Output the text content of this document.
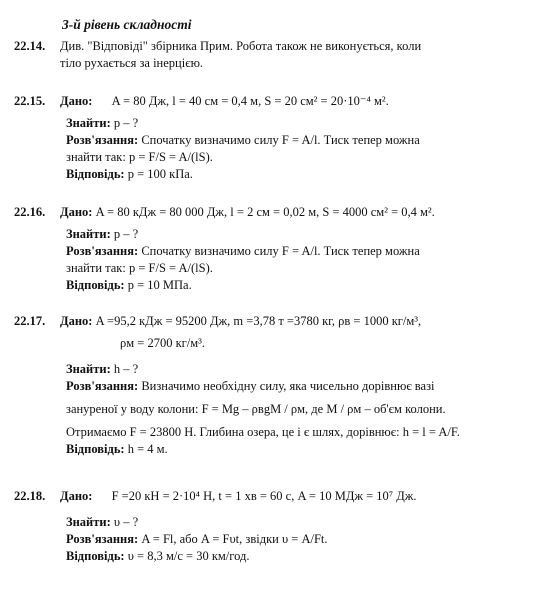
3-й рівень складності
22.14. Див. "Відповіді" збірника Прим. Робота також не виконується, коли
тіло рухається за інерцією.
22.15. Дано: A = 80 Дж, l = 40 см = 0,4 м, S = 20 см² = 20·10⁻⁴ м².
Знайти: p – ?
Розв'язання: Спочатку визначимо силу F = A/l. Тиск тепер можна
знайти так: p = F/S = A/(lS).
Відповідь: p = 100 кПа.
22.16. Дано: A = 80 кДж = 80 000 Дж, l = 2 см = 0,02 м, S = 4000 см² = 0,4 м².
Знайти: p – ?
Розв'язання: Спочатку визначимо силу F = A/l. Тиск тепер можна
знайти так: p = F/S = A/(lS).
Відповідь: p = 10 МПа.
22.17. Дано: A =95,2 кДж = 95200 Дж, m =3,78 т =3780 кг, ρв = 1000 кг/м³,
ρм = 2700 кг/м³.
Знайти: h – ?
Розв'язання: Визначимо необхідну силу, яка чисельно дорівнює вазі
зануреної у воду колони: F = Mg – ρвgM / ρм, де M / ρм – об'єм колони.
Отримаємо F = 23800 Н. Глибина озера, це і є шлях, дорівнює: h = l = A/F.
Відповідь: h = 4 м.
22.18. Дано: F =20 кН = 2·10⁴ Н, t = 1 хв = 60 с, A = 10 МДж = 10⁷ Дж.
Знайти: υ – ?
Розв'язання: A = Fl, або A = Fυt, звідки υ = A/Ft.
Відповідь: υ = 8,3 м/с = 30 км/год.
